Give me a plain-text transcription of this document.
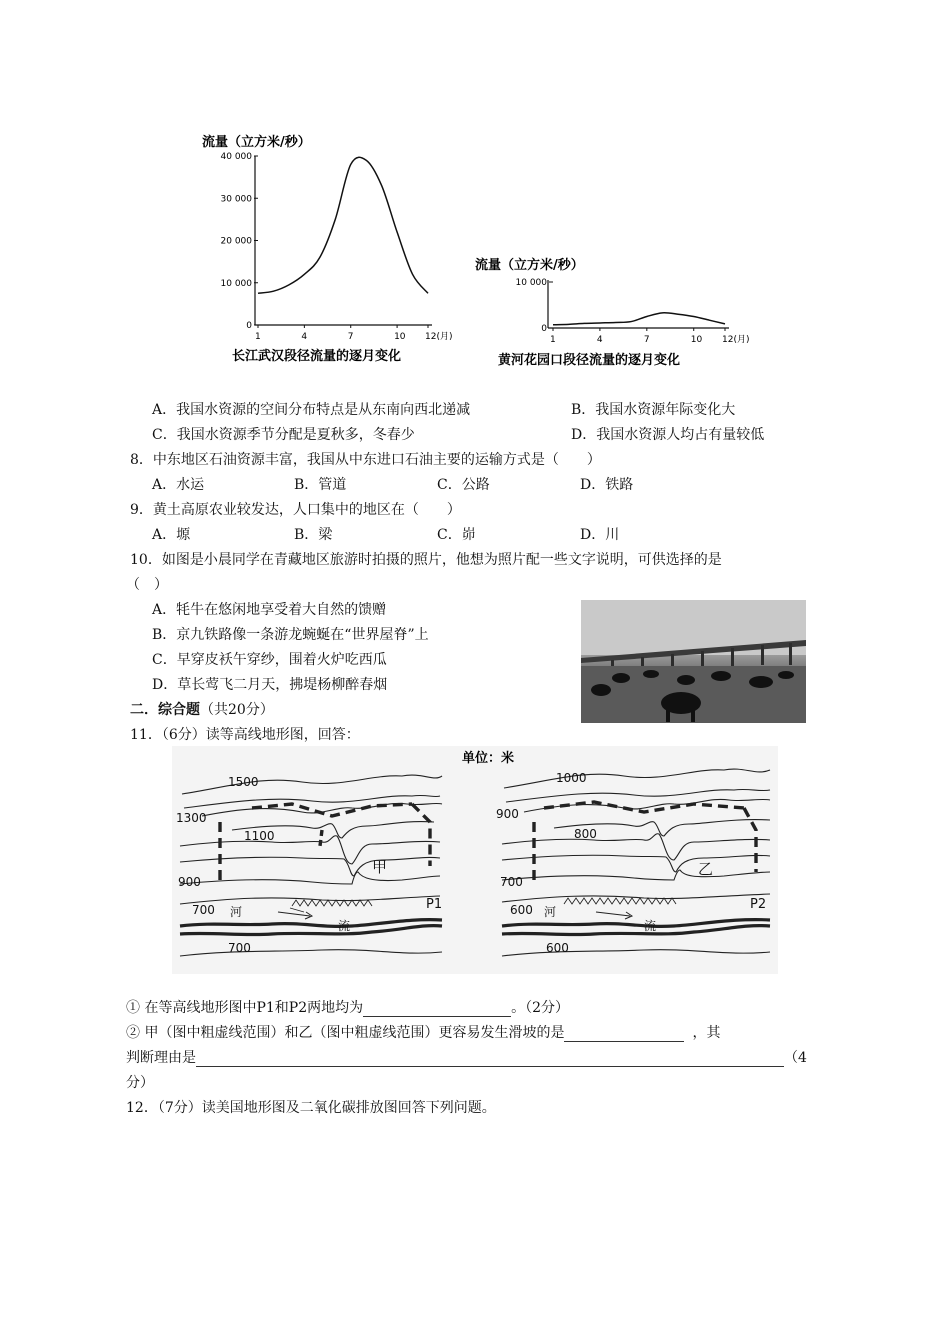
流量（立方米/秒）
0
10 000
20 000
30 000
40 000
1	4	7	10 12(月)
长江武汉段径流量的逐月变化
流量（立方米/秒）
0
10 000
1	4	7	10 12(月)
黄河花园口段径流量的逐月变化
A．我国水资源的空间分布特点是从东南向西北递减	B．我国水资源年际变化大
C．我国水资源季节分配是夏秋多，冬春少	D．我国水资源人均占有量较低
8．中东地区石油资源丰富，我国从中东进口石油主要的运输方式是（　　）
A．水运	B．管道	C．公路	D．铁路
9．黄土高原农业较发达，人口集中的地区在（　　）
A．塬	B．梁	C．峁	D．川
10．如图是小晨同学在青藏地区旅游时拍摄的照片，他想为照片配一些文字说明，可供选择的是
（　）
A．牦牛在悠闲地享受着大自然的馈赠
B．京九铁路像一条游龙蜿蜒在“世界屋脊”上
C．早穿皮袄午穿纱，围着火炉吃西瓜
D．草长莺飞二月天，拂堤杨柳醉春烟
二．综合题（共20分）
11．（6分）读等高线地形图，回答：
单位：米
1500
1300
1100
900
700
700
甲
P1
河
流
1000
900
800
700
600
600
乙
P2
河
流
① 在等高线地形图中P1和P2两地均为	。（2分）
② 甲（图中粗虚线范围）和乙（图中粗虚线范围）更容易发生滑坡的是	，其
判断理由是	（4
分）
12．（7分）读美国地形图及二氧化碳排放图回答下列问题。
